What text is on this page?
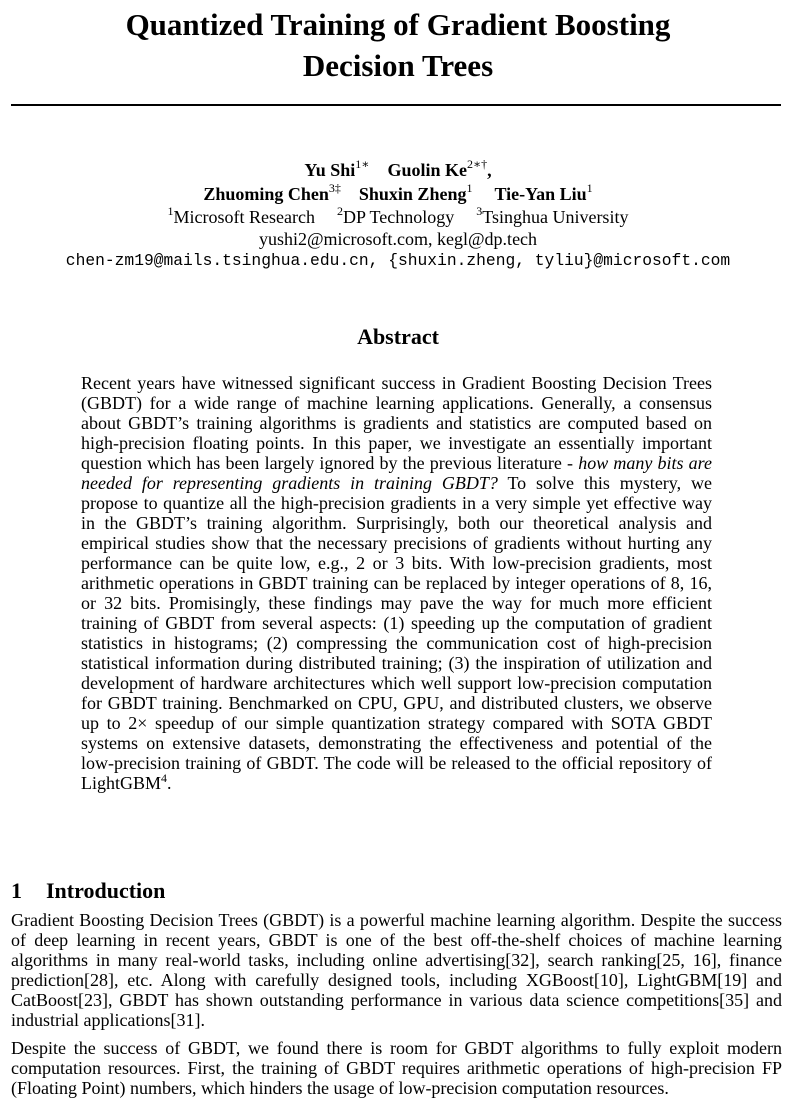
Quantized Training of Gradient Boosting
Decision Trees
Yu Shi$^{1∗}$ Guolin $Ke^{2∗\dagger}$,
Zhuoming Chen$^{3\ddagger}$ Shuxin Zheng$^1$ Tie-Yan Liu$^1$
$^1$Microsoft Research $^2$DP Technology $^3$Tsinghua University
yushi2@microsoft.com, kegl@dp.tech
chen-zm19@mails.tsinghua.edu.cn, {shuxin.zheng, tyliu}@microsoft.com
Abstract

Recent years have witnessed significant success in Gradient Boosting Decision Trees (GBDT) for a wide range of machine learning applications. Generally, a consensus about GBDT’s training algorithms is gradients and statistics are computed based on high-precision floating points. In this paper, we investigate an essentially important question which has been largely ignored by the previous literature - how many bits are needed for representing gradients in training GBDT? To solve this mystery, we propose to quantize all the high-precision gradients in a very simple yet effective way in the GBDT’s training algorithm. Surprisingly, both our theoretical analysis and empirical studies show that the necessary precisions of gradients without hurting any performance can be quite low, e.g., 2 or 3 bits. With low-precision gradients, most arithmetic operations in GBDT training can be replaced by integer operations of 8, 16, or 32 bits. Promisingly, these findings may pave the way for much more efficient training of GBDT from several aspects: (1) speeding up the computation of gradient statistics in histograms; (2) compressing the communication cost of high-precision statistical information during distributed training; (3) the inspiration of utilization and development of hardware architectures which well support low-precision computation for GBDT training. Benchmarked on CPU, GPU, and distributed clusters, we observe up to 2× speedup of our simple quantization strategy compared with SOTA GBDT systems on extensive datasets, demonstrating the effectiveness and potential of the low-precision training of GBDT. The code will be released to the official repository of LightGBM$^4$.

1 Introduction

Gradient Boosting Decision Trees (GBDT) is a powerful machine learning algorithm. Despite the success of deep learning in recent years, GBDT is one of the best off-the-shelf choices of machine learning algorithms in many real-world tasks, including online advertising[32], search ranking[25, 16], finance prediction[28], etc. Along with carefully designed tools, including XGBoost[10], LightGBM[19] and CatBoost[23], GBDT has shown outstanding performance in various data science competitions[35] and industrial applications[31].

Despite the success of GBDT, we found there is room for GBDT algorithms to fully exploit modern computation resources. First, the training of GBDT requires arithmetic operations of high-precision FP (Floating Point) numbers, which hinders the usage of low-precision computation resources.
